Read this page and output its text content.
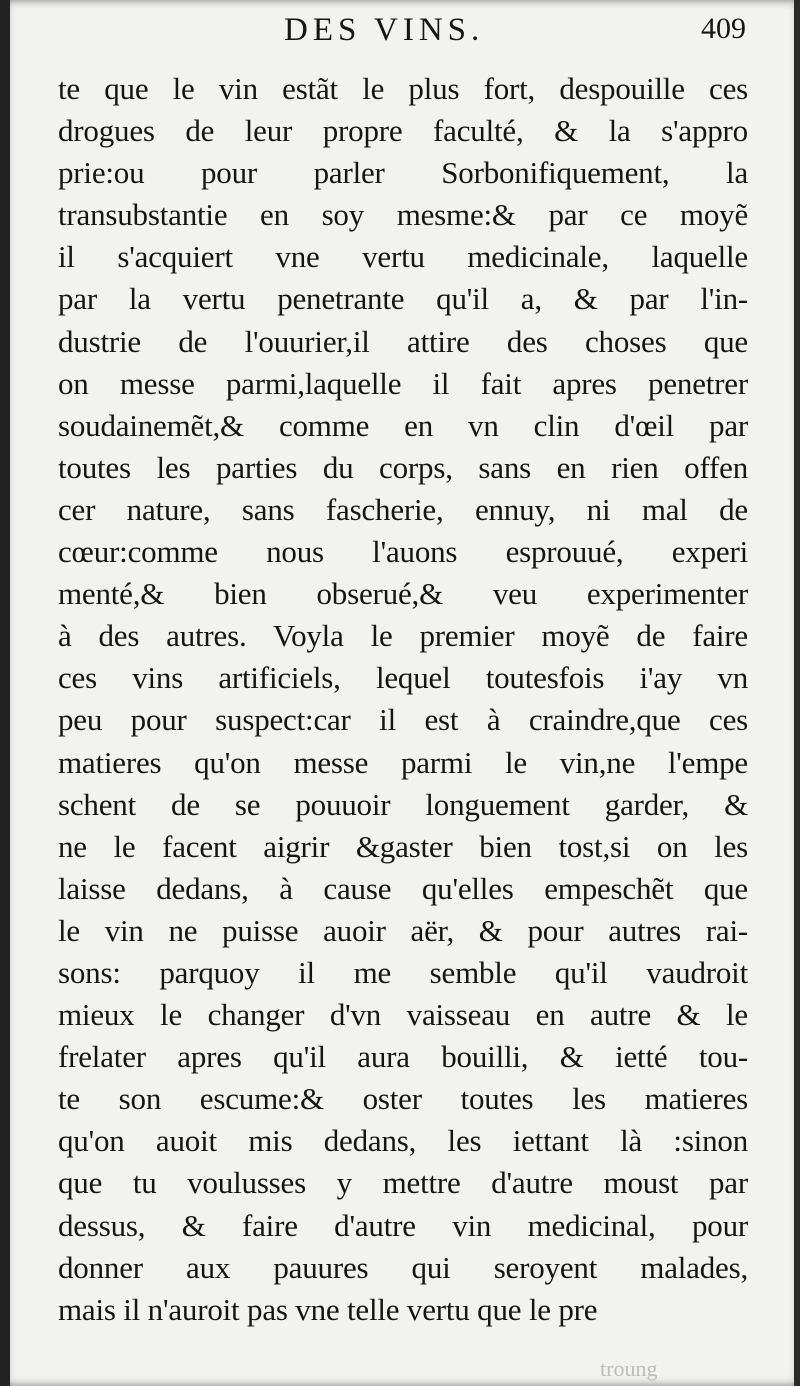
DES VINS.	409
te que le vin estãt le plus fort, despouille ces
drogues de leur propre faculté, & la s'appro
prie:ou pour parler Sorbonifiquement, la
transubstantie en soy mesme:& par ce moyẽ
il s'acquiert vne vertu medicinale, laquelle
par la vertu penetrante qu'il a, & par l'in-
dustrie de l'ouurier,il attire des choses que
on messe parmi,laquelle il fait apres penetrer
soudainemẽt,& comme en vn clin d'œil par
toutes les parties du corps, sans en rien offen
cer nature, sans fascherie, ennuy, ni mal de
cœur:comme nous l'auons esprouué, experi
menté,& bien obserué,& veu experimenter
à des autres. Voyla le premier moyẽ de faire
ces vins artificiels, lequel toutesfois i'ay vn
peu pour suspect:car il est à craindre,que ces
matieres qu'on messe parmi le vin,ne l'empe
schent de se pouuoir longuement garder, &
ne le facent aigrir &gaster bien tost,si on les
laisse dedans, à cause qu'elles empeschẽt que
le vin ne puisse auoir aër, & pour autres rai-
sons: parquoy il me semble qu'il vaudroit
mieux le changer d'vn vaisseau en autre & le
frelater apres qu'il aura bouilli, & ietté tou-
te son escume:& oster toutes les matieres
qu'on auoit mis dedans, les iettant là :sinon
que tu voulusses y mettre d'autre moust par
dessus, & faire d'autre vin medicinal, pour
donner aux pauures qui seroyent malades,
mais il n'auroit pas vne telle vertu que le pre
troung
